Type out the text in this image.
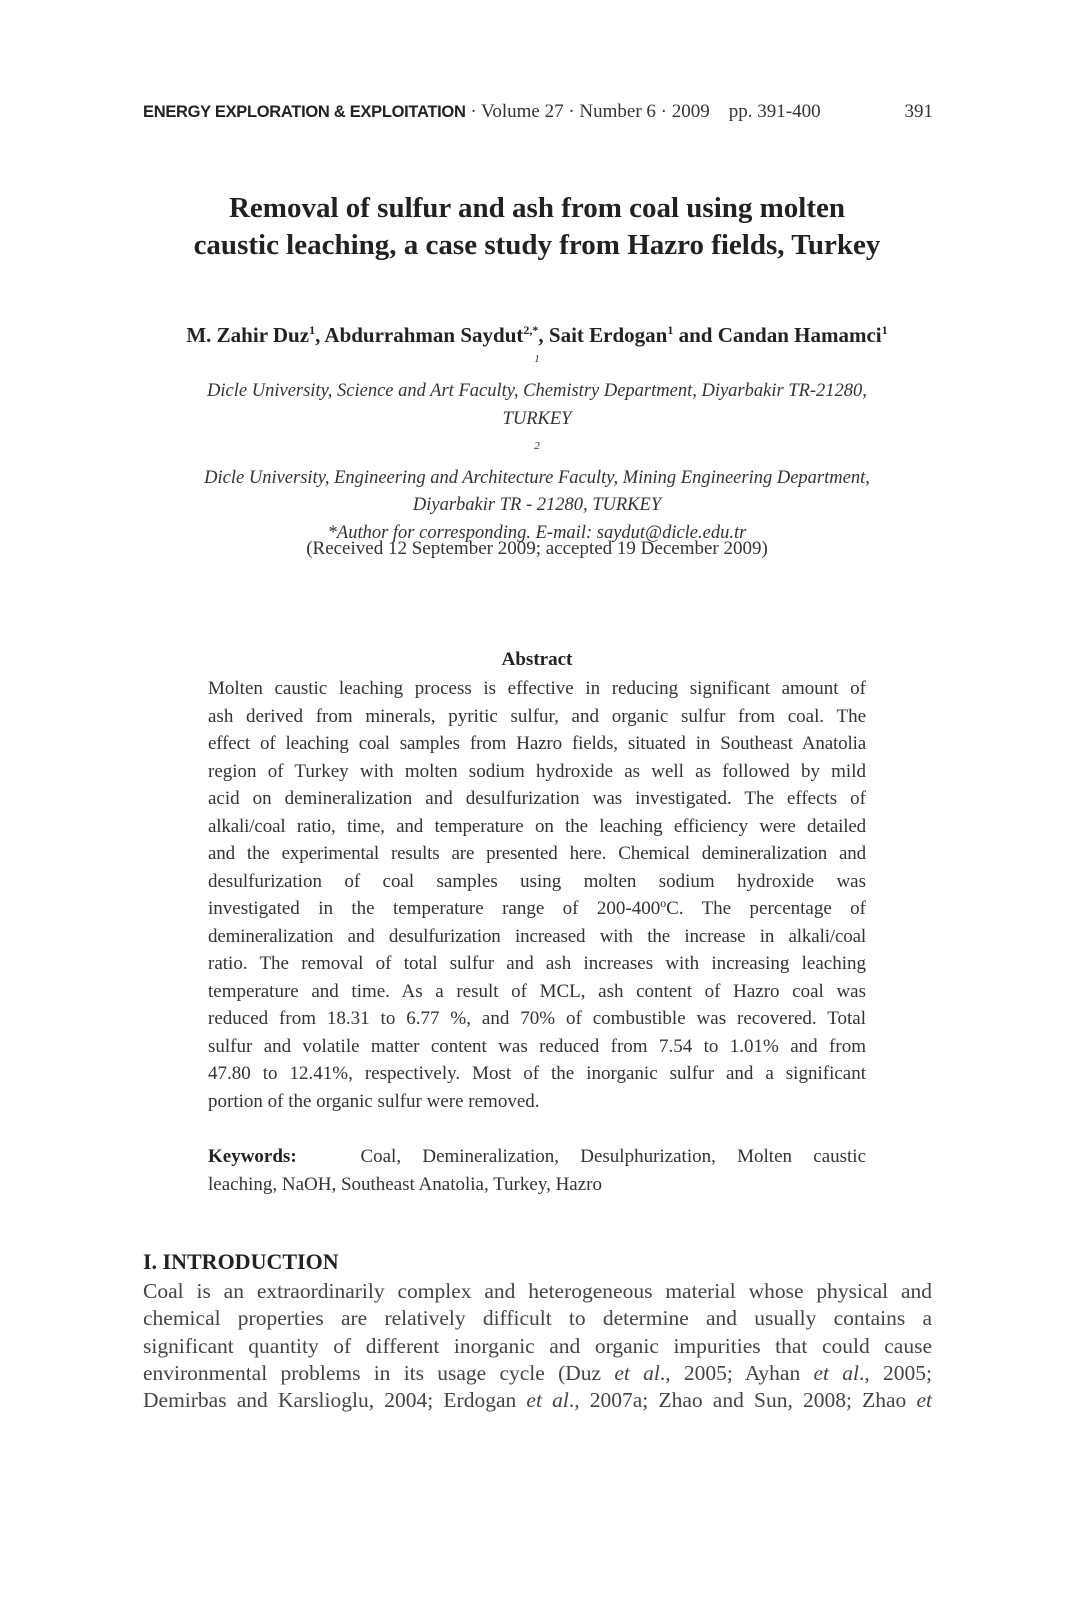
ENERGY EXPLORATION & EXPLOITATION · Volume 27 · Number 6 · 2009    pp. 391-400	391
Removal of sulfur and ash from coal using molten
caustic leaching, a case study from Hazro fields, Turkey
M. Zahir Duz$^1$, Abdurrahman Saydut$^{2,*}$, Sait Erdogan$^1$ and Candan Hamamci$^1$
$^1$
Dicle University, Science and Art Faculty, Chemistry Department, Diyarbakir TR-21280,
TURKEY
$^2$
Dicle University, Engineering and Architecture Faculty, Mining Engineering Department,
Diyarbakir TR - 21280, TURKEY
*Author for corresponding. E-mail: saydut@dicle.edu.tr
(Received 12 September 2009; accepted 19 December 2009)
Abstract
Molten caustic leaching process is effective in reducing significant amount of
ash derived from minerals, pyritic sulfur, and organic sulfur from coal. The
effect of leaching coal samples from Hazro fields, situated in Southeast Anatolia
region of Turkey with molten sodium hydroxide as well as followed by mild
acid on demineralization and desulfurization was investigated. The effects of
alkali/coal ratio, time, and temperature on the leaching efficiency were detailed
and the experimental results are presented here. Chemical demineralization and
desulfurization of coal samples using molten sodium hydroxide was
investigated in the temperature range of 200-400ºC. The percentage of
demineralization and desulfurization increased with the increase in alkali/coal
ratio. The removal of total sulfur and ash increases with increasing leaching
temperature and time. As a result of MCL, ash content of Hazro coal was
reduced from 18.31 to 6.77 %, and 70% of combustible was recovered. Total
sulfur and volatile matter content was reduced from 7.54 to 1.01% and from
47.80 to 12.41%, respectively. Most of the inorganic sulfur and a significant
portion of the organic sulfur were removed.
Keywords:	Coal, Demineralization, Desulphurization, Molten caustic
leaching, NaOH, Southeast Anatolia, Turkey, Hazro
I. INTRODUCTION
Coal is an extraordinarily complex and heterogeneous material whose physical and
chemical properties are relatively difficult to determine and usually contains a
significant quantity of different inorganic and organic impurities that could cause
environmental problems in its usage cycle (Duz et al., 2005; Ayhan et al., 2005;
Demirbas and Karslioglu, 2004; Erdogan et al., 2007a; Zhao and Sun, 2008; Zhao et
